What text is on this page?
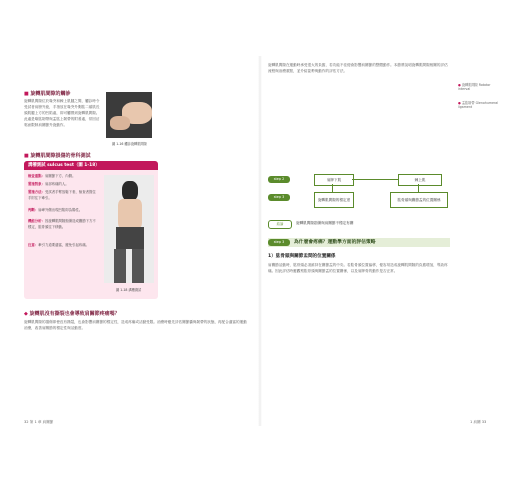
■ 旋轉肌間隙的觸診
旋轉肌間隙位於喙突和棘上肌腱之間，觸診時令受試者肩膀外旋，手指放在喙突外側肱二頭肌長頭肌腱上方的凹陷處，即可觸摸到旋轉肌間隙。此處是喙肱韌帶與盂肱上韌帶的附著處，常因沾黏而限制肩關節外旋動作。
圖 1-16 觸診旋轉肌間隙
■ 旋轉肌間隙損傷的骨科測試
溝槽測試 sulcus test（圖 1-18）
檢查重點：肩關節下方、內側。
實施對象：肩部疼痛的人。
實施方法：受試者手臂放鬆下垂，檢查者握住手肘往下牽引。
判斷：肩峰外側出現凹陷即為陽性。
機能分析：因旋轉肌間隙損傷造成關節下方不穩定，肱骨頭往下移動。
注意：牽引力道要適當，避免引起疼痛。
圖 1-18 溝槽測試
◆ 旋轉肌沒有撕裂也會導致肩關節疼痛嗎？
旋轉肌間隙的損傷即使沒有撕裂，也會影響肩關節的穩定性，造成疼痛或活動受限。治療時應先評估關節囊與韌帶的狀態，再配合適當的運動治療，改善肩關節的穩定性與活動度。
旋轉肌間隙在運動時承受很大的負擔，若功能不佳便會影響肩關節的整體動作。本節將說明旋轉肌間隙相關的評估流程與治療重點，並介紹姿勢與動作的評估方法。
● 旋轉肌間隙 Rotator interval
● 盂肱韌帶 Glenohumeral ligament
step 2	肩胛下肌	棘上肌
step 3
旋轉肌間隙的穩定度	肱骨頭與關節盂的位置關係
結論	旋轉肌間隙損傷與肩關節不穩定有關
step 3	為什麼會疼痛？運動學方面的評估策略
1）肱骨頭與關節盂間的位置關係
肩關節活動時，肱骨頭必須維持在關節盂的中央。若肱骨頭位置偏移，便容易造成旋轉肌間隙的負擔增加，導致疼痛。因此評估時應觀察肱骨頭與關節盂的位置關係，以及肩胛骨的動作是否正常。
32 第 1 章 肩關節	1 肩關 33
